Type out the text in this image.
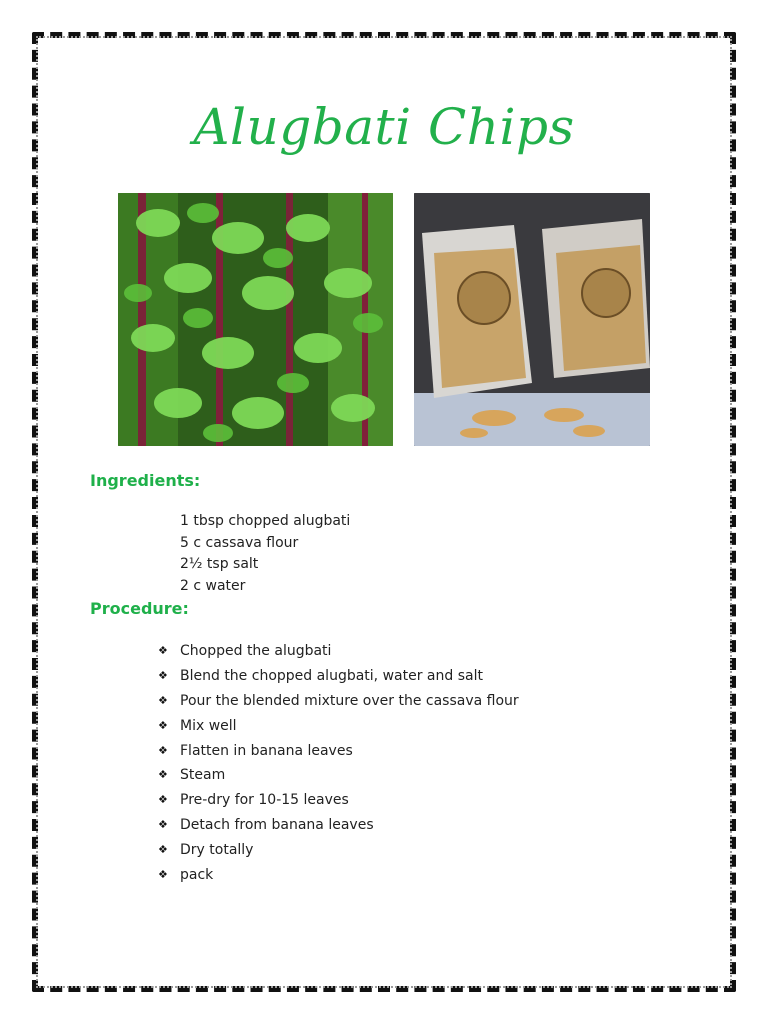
Alugbati Chips
Ingredients:
1 tbsp chopped alugbati
5 c cassava flour
2½ tsp salt
2 c water
Procedure:
❖ Chopped the alugbati
❖ Blend the chopped alugbati, water and salt
❖ Pour the blended mixture over the cassava flour
❖ Mix well
❖ Flatten in banana leaves
❖ Steam
❖ Pre-dry for 10-15 leaves
❖ Detach from banana leaves
❖ Dry totally
❖ pack
